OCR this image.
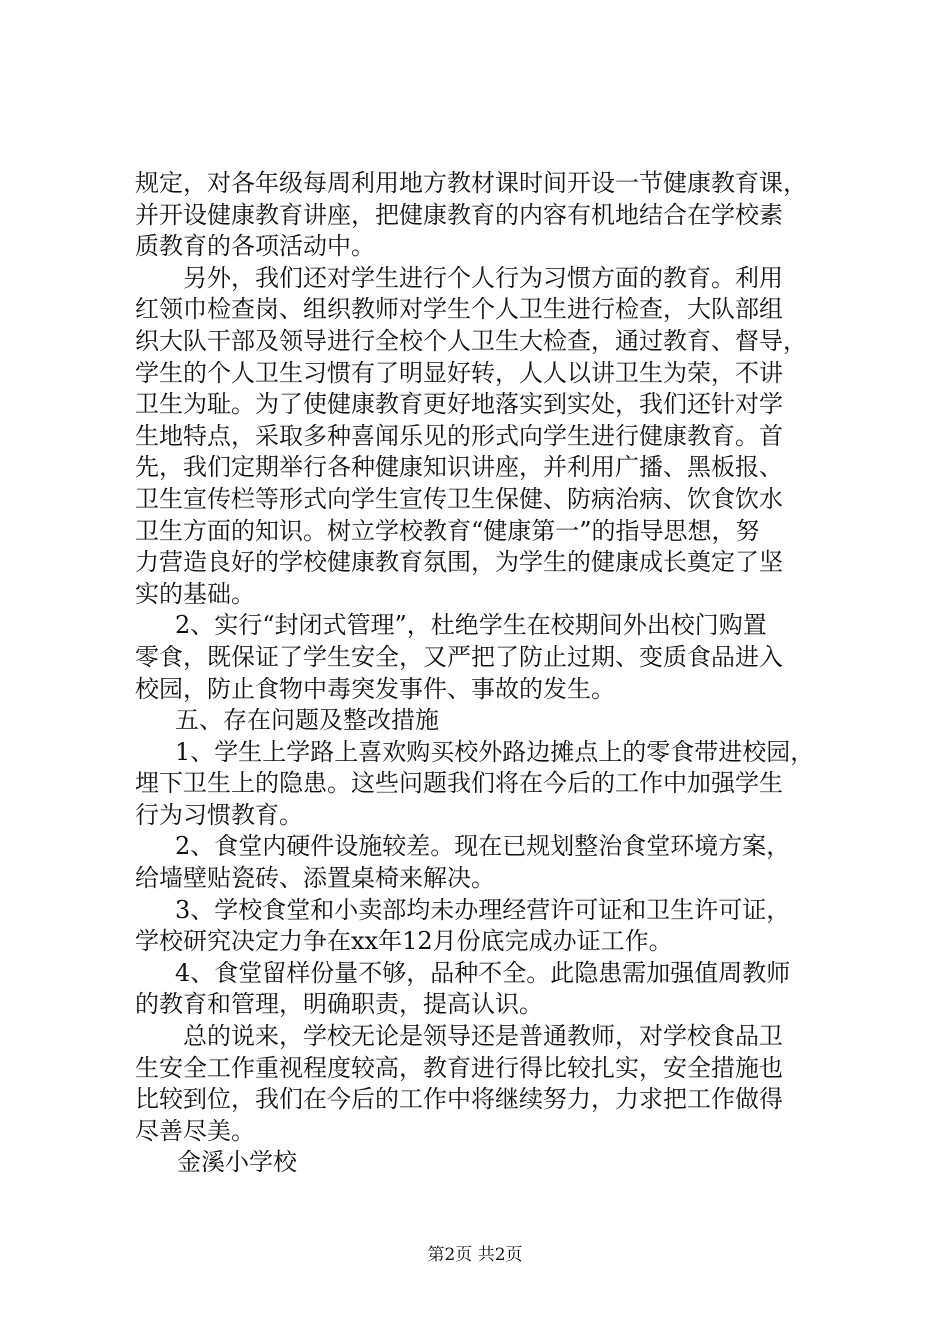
规定，对各年级每周利用地方教材课时间开设一节健康教育课，

并开设健康教育讲座，把健康教育的内容有机地结合在学校素

质教育的各项活动中。

另外，我们还对学生进行个人行为习惯方面的教育。利用

红领巾检查岗、组织教师对学生个人卫生进行检查，大队部组

织大队干部及领导进行全校个人卫生大检查，通过教育、督导，

学生的个人卫生习惯有了明显好转，人人以讲卫生为荣，不讲

卫生为耻。为了使健康教育更好地落实到实处，我们还针对学

生地特点，采取多种喜闻乐见的形式向学生进行健康教育。首

先，我们定期举行各种健康知识讲座，并利用广播、黑板报、

卫生宣传栏等形式向学生宣传卫生保健、防病治病、饮食饮水

卫生方面的知识。树立学校教育“健康第一”的指导思想，努

力营造良好的学校健康教育氛围，为学生的健康成长奠定了坚

实的基础。

2、实行“封闭式管理”，杜绝学生在校期间外出校门购置

零食，既保证了学生安全，又严把了防止过期、变质食品进入

校园，防止食物中毒突发事件、事故的发生。

五、存在问题及整改措施

1、学生上学路上喜欢购买校外路边摊点上的零食带进校园，

埋下卫生上的隐患。这些问题我们将在今后的工作中加强学生

行为习惯教育。

2、食堂内硬件设施较差。现在已规划整治食堂环境方案，

给墙壁贴瓷砖、添置桌椅来解决。

3、学校食堂和小卖部均未办理经营许可证和卫生许可证，

学校研究决定力争在xx年12月份底完成办证工作。

4、食堂留样份量不够，品种不全。此隐患需加强值周教师

的教育和管理，明确职责，提高认识。

总的说来，学校无论是领导还是普通教师，对学校食品卫

生安全工作重视程度较高，教育进行得比较扎实，安全措施也

比较到位，我们在今后的工作中将继续努力，力求把工作做得

尽善尽美。

金溪小学校

第2页 共2页
